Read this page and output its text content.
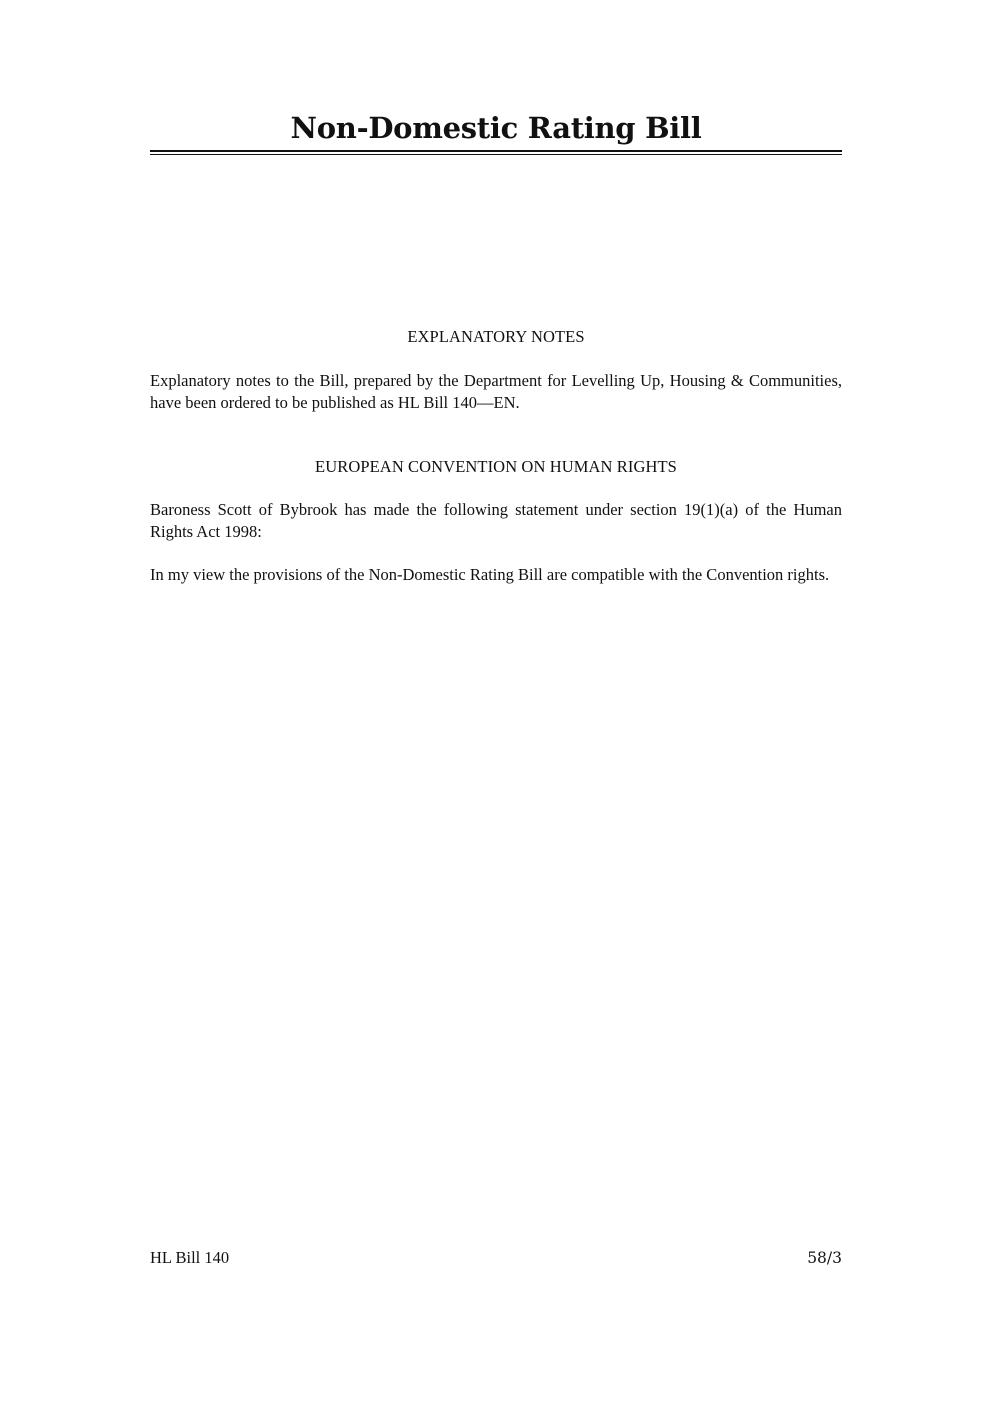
Non-Domestic Rating Bill
EXPLANATORY NOTES

Explanatory notes to the Bill, prepared by the Department for Levelling Up, Housing & Communities, have been ordered to be published as HL Bill 140—EN.

EUROPEAN CONVENTION ON HUMAN RIGHTS

Baroness Scott of Bybrook has made the following statement under section 19(1)(a) of the Human Rights Act 1998:

In my view the provisions of the Non-Domestic Rating Bill are compatible with the Convention rights.

HL Bill 140	58/3
